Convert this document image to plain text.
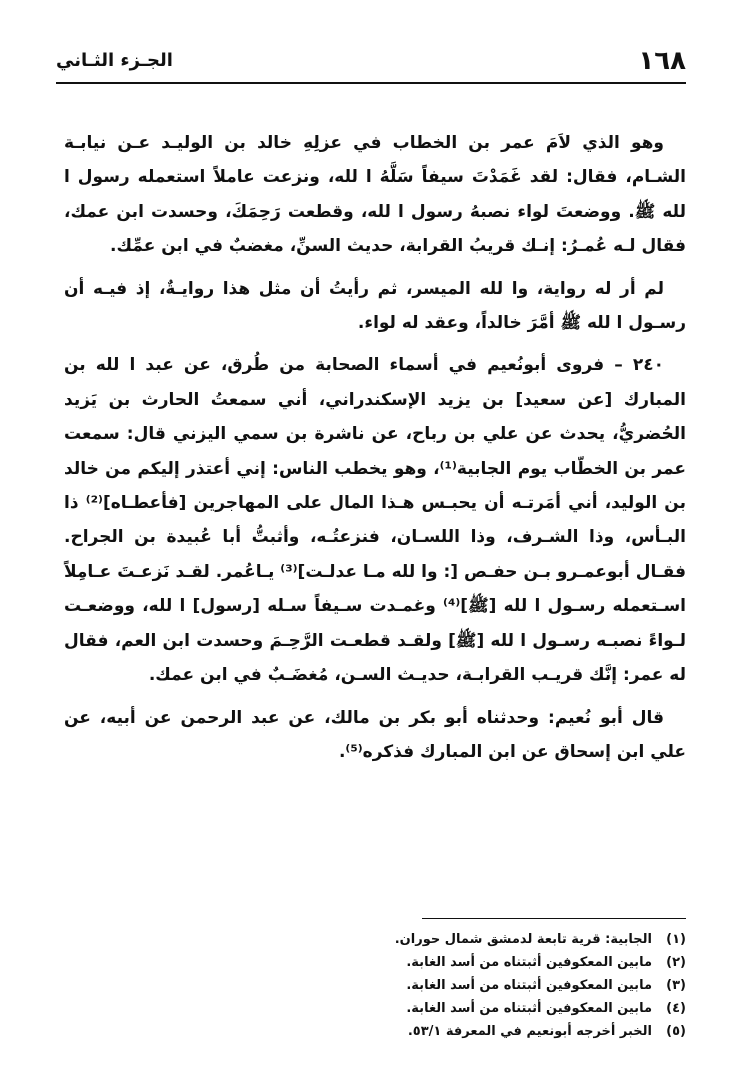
١٦٨
الجـزء الثـاني

وهو الذي لاَمَ عمر بن الخطاب في عزلِهِ خالد بن الوليـد عـن نيابـة الشـام، فقال: لقد غَمَدْتَ سيفاً سَلَّهُ ا لله، ونزعت عاملاً استعمله رسول ا لله ﷺ. ووضعتَ لواء نصبهُ رسول ا لله، وقطعت رَحِمَكَ، وحسدت ابن عمك، فقال لـه عُمـرُ: إنـك قريبُ القرابة، حديث السنِّ، مغضبٌ في ابن عمِّك.

لم أر له رواية، وا لله الميسر، ثم رأيتُ أن مثل هذا روايـةٌ، إذ فيـه أن رسـول ا لله ﷺ أمَّرَ خالداً، وعقد له لواء.

٢٤٠ – فروى أبونُعيم في أسماء الصحابة من طُرق، عن عبد ا لله بن المبارك [عن سعيد] بن يزيد الإسكندراني، أني سمعتُ الحارث بن يَزيد الحُضريُّ، يحدث عن علي بن رباح، عن ناشرة بن سمي اليزني قال: سمعت عمر بن الخطّاب يوم الجابية⁽¹⁾، وهو يخطب الناس: إني أعتذر إليكم من خالد بن الوليد، أني أمَرتـه أن يحبـس هـذا المال على المهاجرين [فأعطـاه]⁽²⁾ ذا البـأس، وذا الشـرف، وذا اللسـان، فنزعتُـه، وأثبتُّ أبا عُبيدة بن الجراح. فقـال أبوعمـرو بـن حفـص [: وا لله مـا عدلـت]⁽³⁾ يـاعُمر. لقـد نَزعـتَ عـامِلاً اسـتعمله رسـول ا لله [ﷺ]⁽⁴⁾ وغمـدت سـيفاً سـله [رسول] ا لله، ووضعـت لـواءً نصبـه رسـول ا لله [ﷺ] ولقـد قطعـت الرَّحِـمَ وحسدت ابن العم، فقال له عمر: إنَّك قريـب القرابـة، حديـث السـن، مُغضَـبٌ في ابن عمك.

قال أبو نُعيم: وحدثناه أبو بكر بن مالك، عن عبد الرحمن عن أبيه، عن علي ابن إسحاق عن ابن المبارك فذكره⁽⁵⁾.

(١)
الجابية: قرية تابعة لدمشق شمال حوران.
(٢)
مابين المعكوفين أثبتناه من أسد الغابة.
(٣)
مابين المعكوفين أثبتناه من أسد الغابة.
(٤)
مابين المعكوفين أثبتناه من أسد الغابة.
(٥)
الخبر أخرجه أبونعيم في المعرفة ٥٣/١.
